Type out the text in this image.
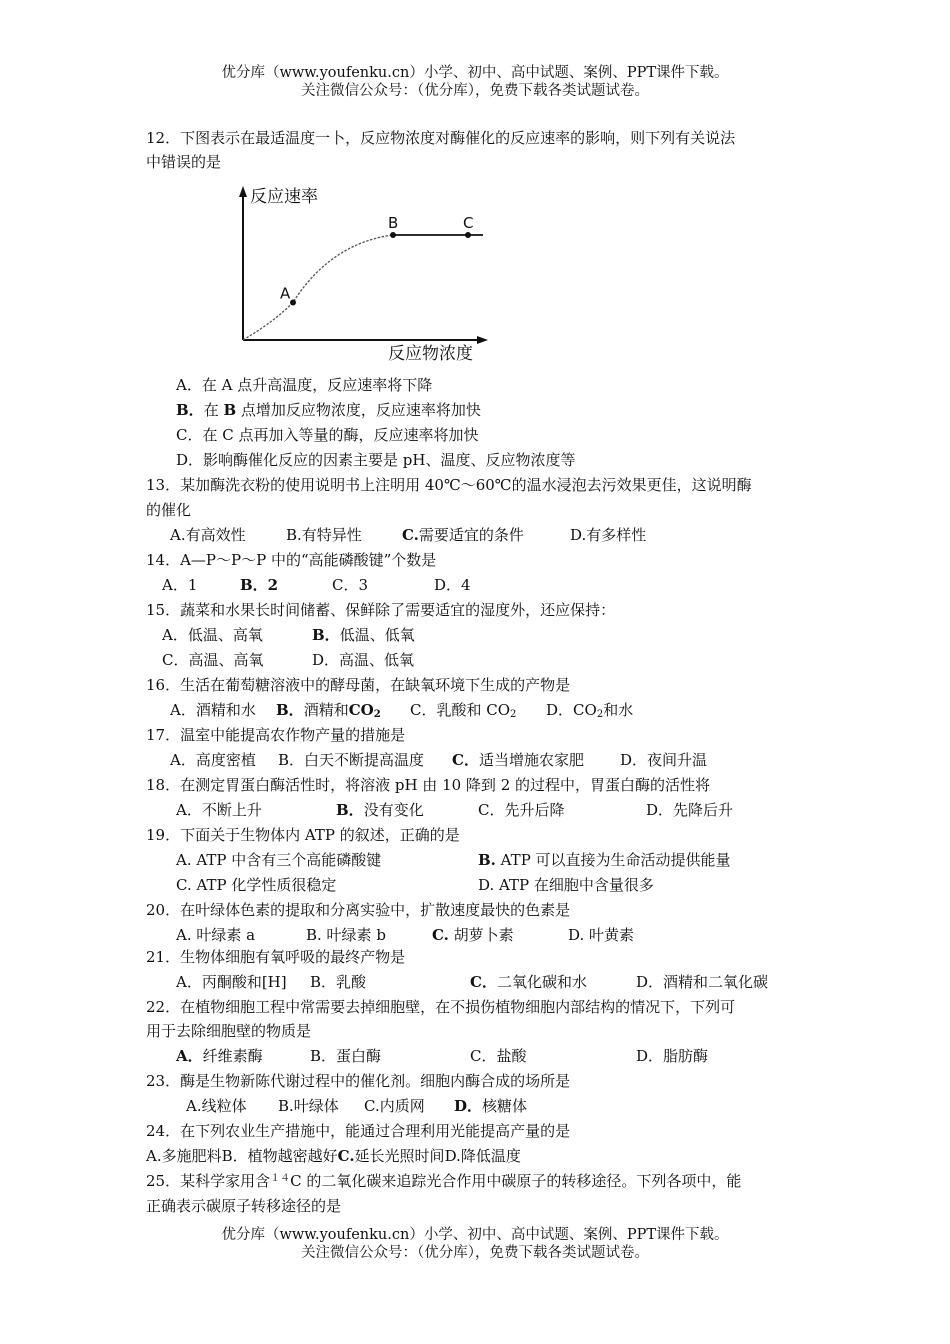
优分库（www.youfenku.cn）小学、初中、高中试题、案例、PPT课件下载。
关注微信公众号：（优分库），免费下载各类试题试卷。
12．下图表示在最适温度一卜，反应物浓度对酶催化的反应速率的影响，则下列有关说法
中错误的是
A
B	C
反应速率
反应物浓度
A．在 A 点升高温度，反应速率将下降
B．在 B 点增加反应物浓度，反应速率将加快
C．在 C 点再加入等量的酶，反应速率将加快
D．影响酶催化反应的因素主要是 pH、温度、反应物浓度等
13．某加酶洗衣粉的使用说明书上注明用 40℃～60℃的温水浸泡去污效果更佳，这说明酶
的催化
A.有高效性	B.有特异性	C.需要适宜的条件	D.有多样性
14．A—P～P～P 中的“高能磷酸键”个数是
A．1	B．2	C．3	D．4
15．蔬菜和水果长时间储蓄、保鲜除了需要适宜的湿度外，还应保持：
A．低温、高氧	B．低温、低氧
C．高温、高氧	D．高温、低氧
16．生活在葡萄糖溶液中的酵母菌，在缺氧环境下生成的产物是
A．酒精和水 B．酒精和$CO_2$ C．乳酸和 $CO_2$ D．$CO_2$和水
17．温室中能提高农作物产量的措施是
A．高度密植 B．白天不断提高温度 C．适当增施农家肥 D．夜间升温
18．在测定胃蛋白酶活性时，将溶液 pH 由 10 降到 2 的过程中，胃蛋白酶的活性将
A．不断上升	B．没有变化	C．先升后降	D．先降后升
19．下面关于生物体内 ATP 的叙述，正确的是
A. ATP 中含有三个高能磷酸键	B. ATP 可以直接为生命活动提供能量
C. ATP 化学性质很稳定	D. ATP 在细胞中含量很多
20．在叶绿体色素的提取和分离实验中，扩散速度最快的色素是
A. 叶绿素 a	B. 叶绿素 b	C. 胡萝卜素	D. 叶黄素
21．生物体细胞有氧呼吸的最终产物是
A．丙酮酸和[H] B．乳酸	C．二氧化碳和水	D．酒精和二氧化碳
22．在植物细胞工程中常需要去掉细胞壁，在不损伤植物细胞内部结构的情况下，下列可
用于去除细胞壁的物质是
A．纤维素酶	B．蛋白酶	C．盐酸	D．脂肪酶
23．酶是生物新陈代谢过程中的催化剂。细胞内酶合成的场所是
A.线粒体 B.叶绿体 C.内质网 D．核糖体
24．在下列农业生产措施中，能通过合理利用光能提高产量的是
A.多施肥料B．植物越密越好C.延长光照时间D.降低温度
25．某科学家用含$^{14}$C 的二氧化碳来追踪光合作用中碳原子的转移途径。下列各项中，能
正确表示碳原子转移途径的是
优分库（www.youfenku.cn）小学、初中、高中试题、案例、PPT课件下载。
关注微信公众号：（优分库），免费下载各类试题试卷。
